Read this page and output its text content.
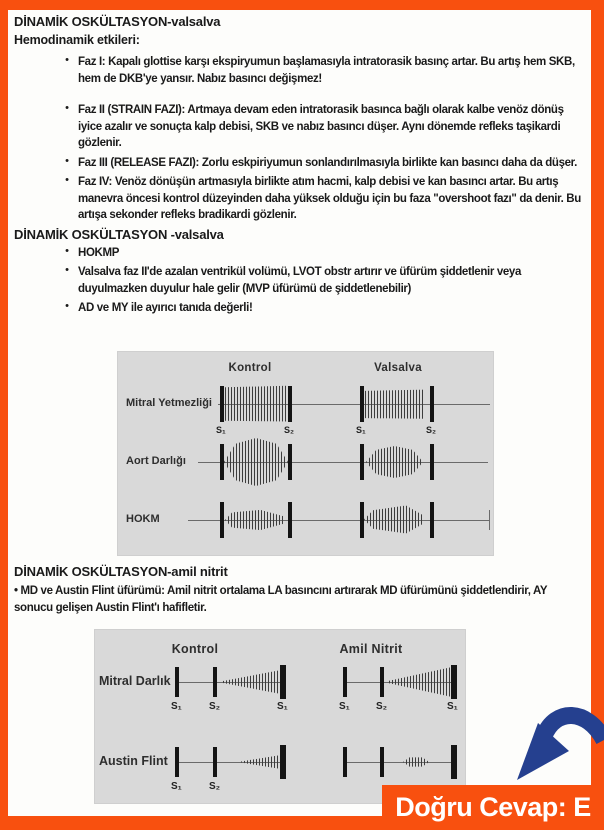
DİNAMİK OSKÜLTASYON-valsalva
Hemodinamik etkileri:
• Faz I: Kapalı glottise karşı ekspiryumun başlamasıyla intratorasik basınç artar. Bu artış hem SKB, hem de DKB'ye yansır. Nabız basıncı değişmez!
• Faz II (STRAIN FAZI): Artmaya devam eden intratorasik basınca bağlı olarak kalbe venöz dönüş iyice azalır ve sonuçta kalp debisi, SKB ve nabız basıncı düşer. Aynı dönemde refleks taşikardi gözlenir.
• Faz III (RELEASE FAZI): Zorlu eskpiriyumun sonlandırılmasıyla birlikte kan basıncı daha da düşer.
• Faz IV: Venöz dönüşün artmasıyla birlikte atım hacmi, kalp debisi ve kan basıncı artar. Bu artış manevra öncesi kontrol düzeyinden daha yüksek olduğu için bu faza "overshoot fazı" da denir. Bu artışa sekonder refleks bradikardi gözlenir.
DİNAMİK OSKÜLTASYON -valsalva
• HOKMP
• Valsalva faz II'de azalan ventrikül volümü, LVOT obstr artırır ve üfürüm şiddetlenir veya duyulmazken duyulur hale gelir (MVP üfürümü de şiddetlenebilir)
• AD ve MY ile ayırıcı tanıda değerli!
Kontrol	Valsalva
Mitral Yetmezliği
S₁	S₂	S₁	S₂
Aort Darlığı
HOKM
DİNAMİK OSKÜLTASYON-amil nitrit
• MD ve Austin Flint üfürümü: Amil nitrit ortalama LA basıncını artırarak MD üfürümünü şiddetlendirir, AY sonucu gelişen Austin Flint'ı hafifletir.
Kontrol	Amil Nitrit
Mitral Darlık
S₁	S₂	S₁	S₁	S₂	S₁
Austin Flint
S₁	S₂
Doğru Cevap: E
